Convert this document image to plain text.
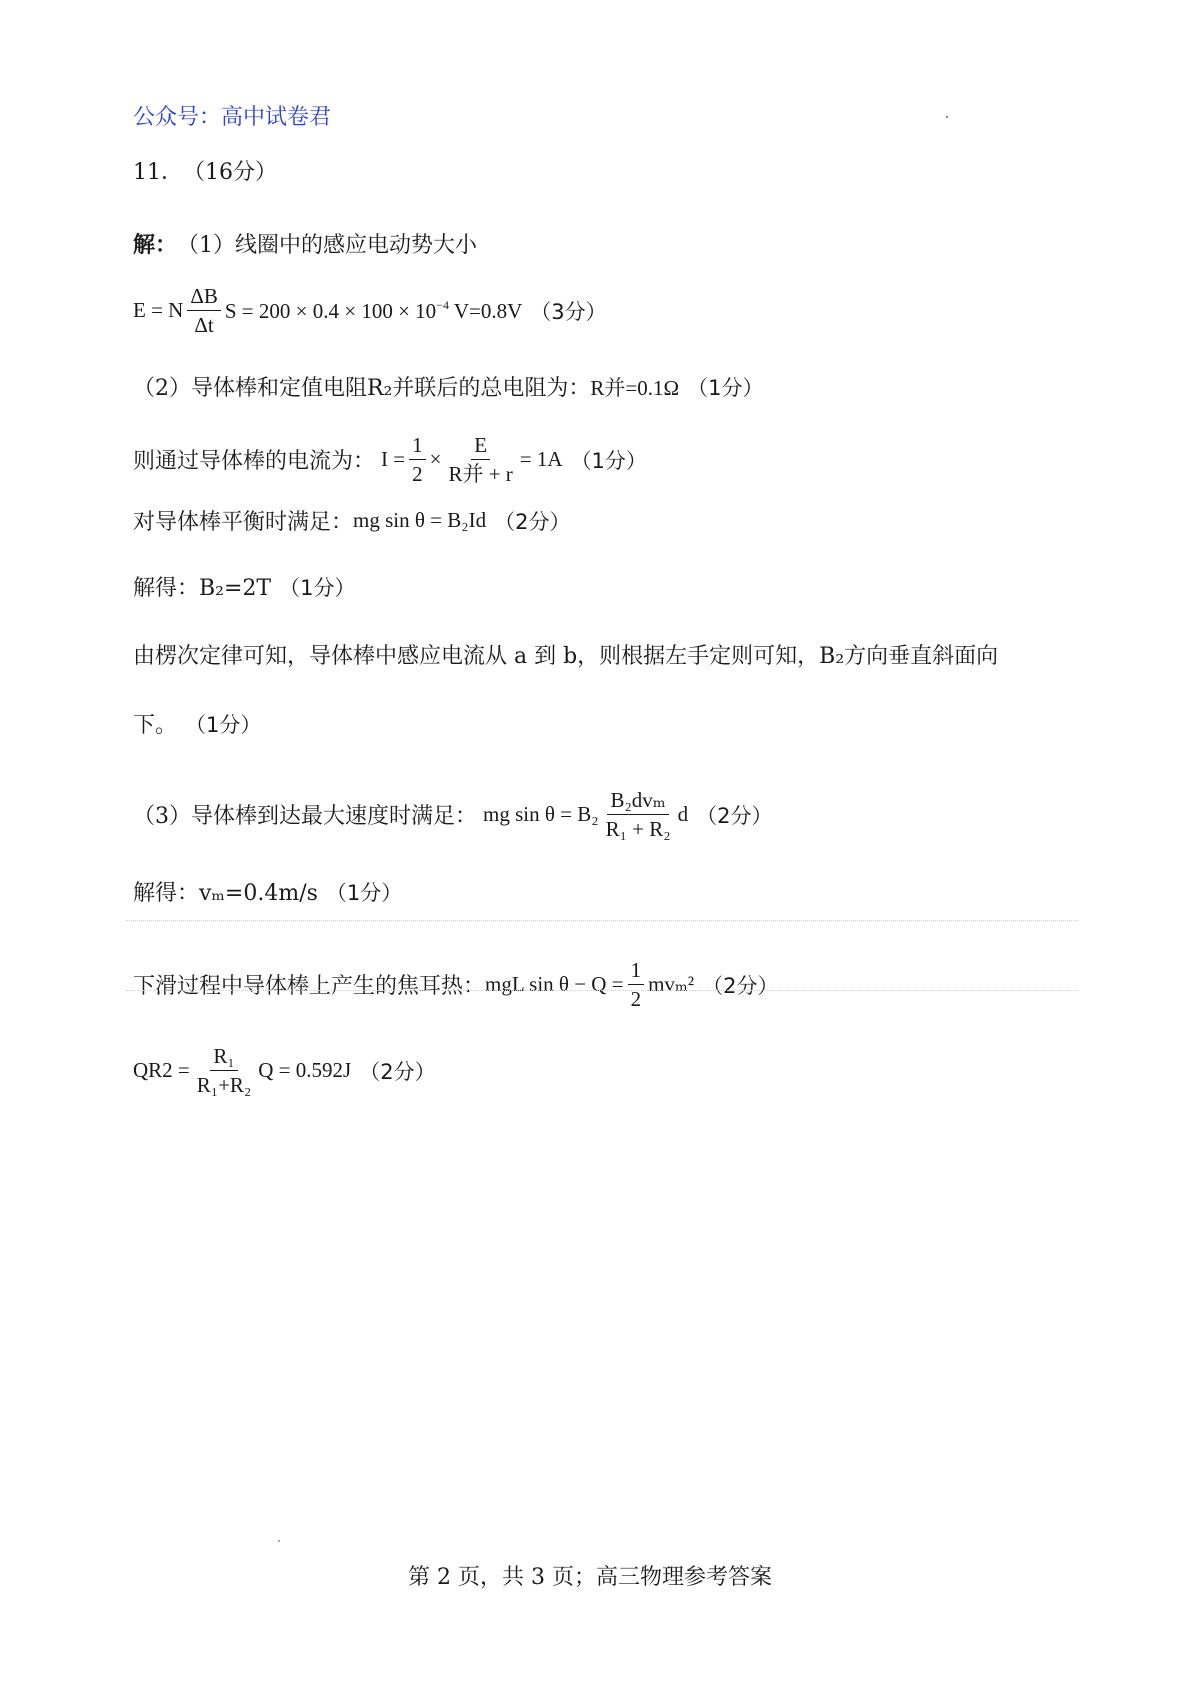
公众号：高中试卷君
11． （16分）
解： （1）线圈中的感应电动势大小
E = N $\frac{\Delta B}{\Delta t}$ $S = 200 \times 0.4 \times 100 \times 10^{-4}$ V=0.8V （3分）
（2）导体棒和定值电阻R₂并联后的总电阻为： R并=0.1Ω （1分）
则通过导体棒的电流为： $I = \frac{1}{2} \times \frac{E}{\text{R并 + r}} = 1A$ （1分）
对导体棒平衡时满足： mg sin θ = B₂Id （2分）
解得：B₂=2T （1分）
由楞次定律可知，导体棒中感应电流从 a 到 b，则根据左手定则可知，B₂方向垂直斜面向
下。 （1分）
（3）导体棒到达最大速度时满足： mg $\sin \theta = B_2 \frac{\text{B₂dvₘ}}{\text{R₁ + R₂}}$ d （2分）
解得：vₘ=0.4m/s （1分）
下滑过程中导体棒上产生的焦耳热： mgL $\sin \theta - Q = \frac{1}{2} mv_m^2$ （2分）
$QR2 = \frac{\text{R₁}}{\text{R₁+R₂}}$ Q = 0.592J （2分）
第 2 页，共 3 页；高三物理参考答案
